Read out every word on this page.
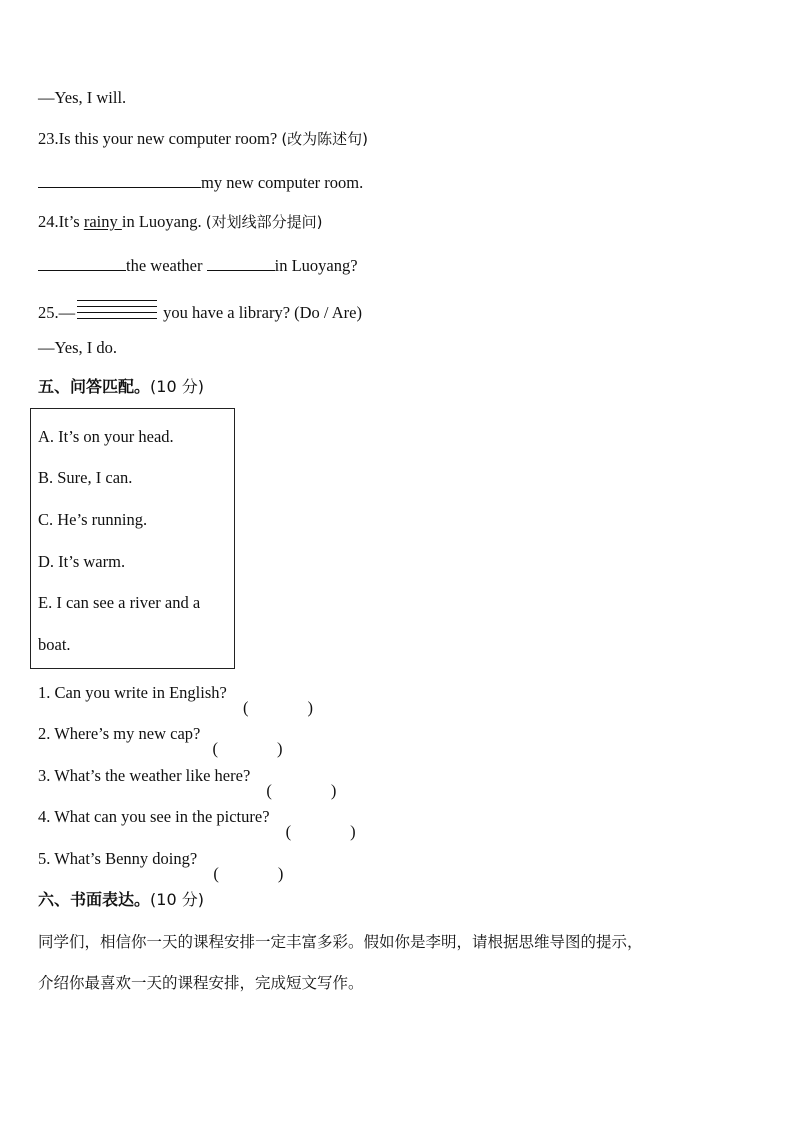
—Yes, I will.
23.Is this your new computer room? (改为陈述句)
my new computer room.
24.It’s rainy in Luoyang. (对划线部分提问)
the weather	in Luoyang?
25.—	you have a library? (Do / Are)
—Yes, I do.
五、问答匹配。(10 分)
A. It’s on your head.
B. Sure, I can.
C. He’s running.
D. It’s warm.
E. I can see a river and a
boat.
1. Can you write in English?
(	)
2. Where’s my new cap?
(	)
3. What’s the weather like here?
(	)
4. What can you see in the picture?
(	)
5. What’s Benny doing?
(	)
六、书面表达。(10 分)
同学们，相信你一天的课程安排一定丰富多彩。假如你是李明，请根据思维导图的提示，
介绍你最喜欢一天的课程安排，完成短文写作。
